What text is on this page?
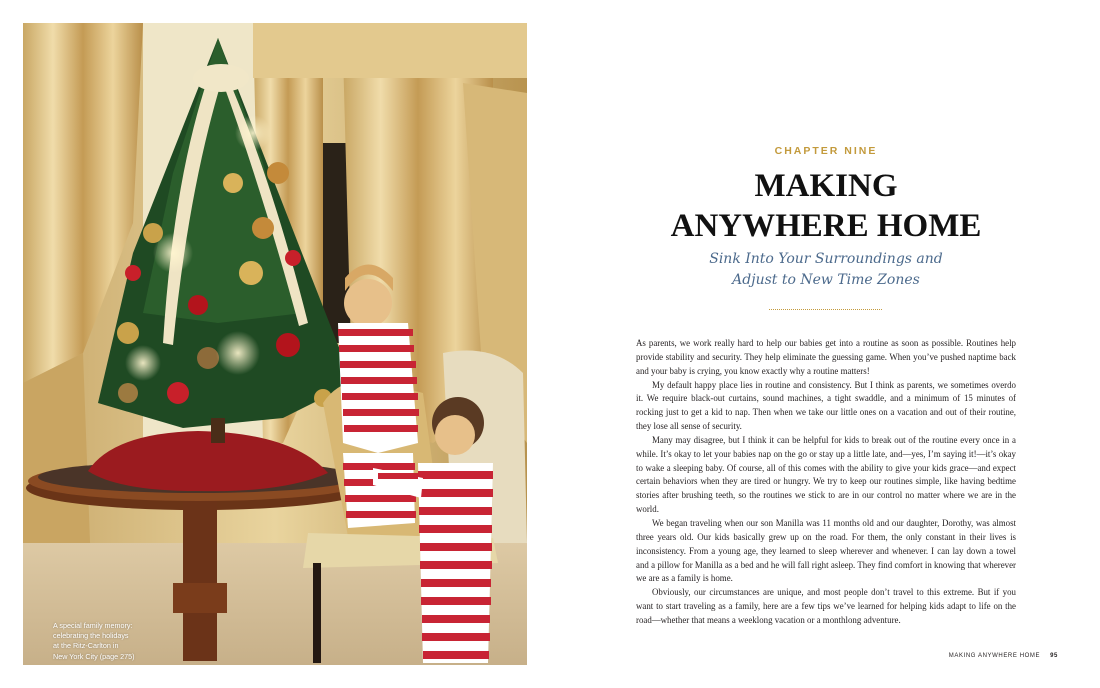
A special family memory:
celebrating the holidays
at the Ritz-Carlton in
New York City (page 275)
CHAPTER NINE
MAKING
ANYWHERE HOME
Sink Into Your Surroundings and
Adjust to New Time Zones

As parents, we work really hard to help our babies get into a routine as soon as possible. Routines help provide stability and security. They help eliminate the guessing game. When you’ve pushed naptime back and your baby is crying, you know exactly why a routine matters!

My default happy place lies in routine and consistency. But I think as parents, we sometimes overdo it. We require black-out curtains, sound machines, a tight swaddle, and a minimum of 15 minutes of rocking just to get a kid to nap. Then when we take our little ones on a vacation and out of their routine, they lose all sense of security.

Many may disagree, but I think it can be helpful for kids to break out of the routine every once in a while. It’s okay to let your babies nap on the go or stay up a little late, and—yes, I’m saying it!—it’s okay to wake a sleeping baby. Of course, all of this comes with the ability to give your kids grace—and expect certain behaviors when they are tired or hungry. We try to keep our routines simple, like having bedtime stories after brushing teeth, so the routines we stick to are in our control no matter where we are in the world.

We began traveling when our son Manilla was 11 months old and our daughter, Dorothy, was almost three years old. Our kids basically grew up on the road. For them, the only constant in their lives is inconsistency. From a young age, they learned to sleep wherever and whenever. I can lay down a towel and a pillow for Manilla as a bed and he will fall right asleep. They find comfort in knowing that wherever we are as a family is home.

Obviously, our circumstances are unique, and most people don’t travel to this extreme. But if you want to start traveling as a family, here are a few tips we’ve learned for helping kids adapt to life on the road—whether that means a weeklong vacation or a monthlong adventure.

MAKING ANYWHERE HOME 95
